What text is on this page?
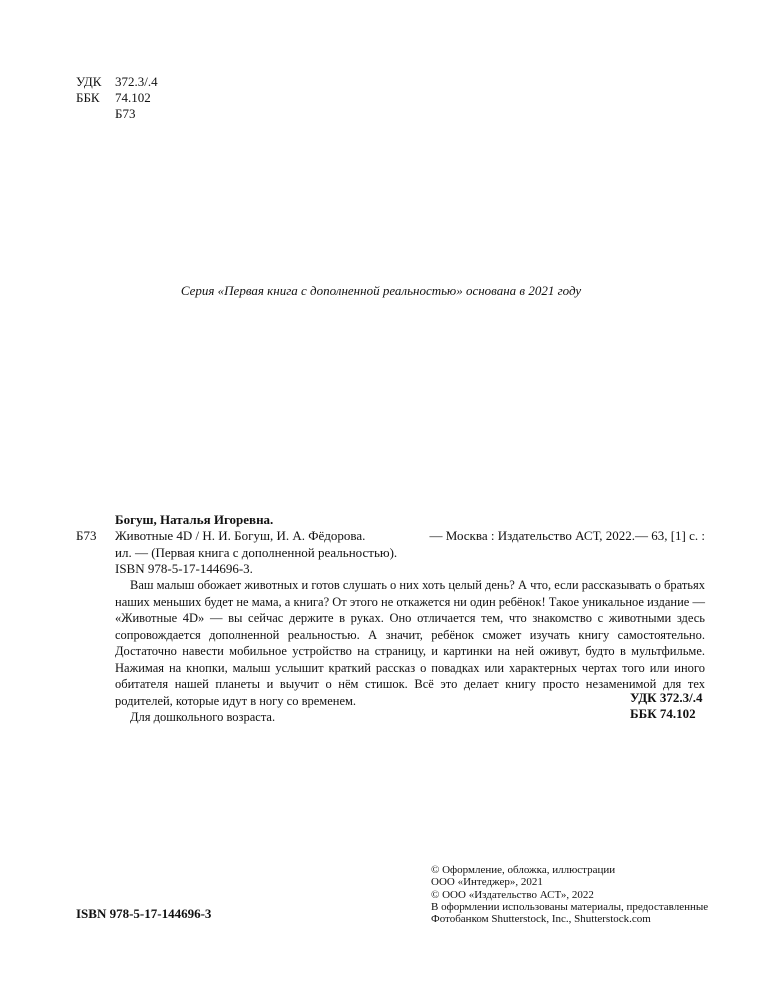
УДК	372.3/.4
ББК	74.102
Б73
Серия «Первая книга с дополненной реальностью» основана в 2021 году
Богуш, Наталья Игоревна.
Б73 Животные 4D / Н. И. Богуш, И. А. Фёдорова.	— Москва : Издательство АСТ, 2022.— 63, [1] с. :

ил. — (Первая книга с дополненной реальностью).

ISBN 978-5-17-144696-3.

Ваш малыш обожает животных и готов слушать о них хоть целый день? А что, если рассказывать о братьях наших меньших будет не мама, а книга? От этого не откажется ни один ребёнок! Такое уникальное издание — «Животные 4D» — вы сейчас держите в руках. Оно отличается тем, что знакомство с животными здесь сопровождается дополненной реальностью. А значит, ребёнок сможет изучать книгу самостоятельно. Достаточно навести мобильное устройство на страницу, и картинки на ней оживут, будто в мультфильме. Нажимая на кнопки, малыш услышит краткий рассказ о повадках или характерных чертах того или иного обитателя нашей планеты и выучит о нём стишок. Всё это делает книгу просто незаменимой для тех родителей, которые идут в ногу со временем.

Для дошкольного возраста.

УДК 372.3/.4
ББК 74.102
© Оформление, обложка, иллюстрации
ООО «Интеджер», 2021
© ООО «Издательство АСТ», 2022
В оформлении использованы материалы, предоставленные
Фотобанком Shutterstock, Inc., Shutterstock.com
ISBN 978-5-17-144696-3
